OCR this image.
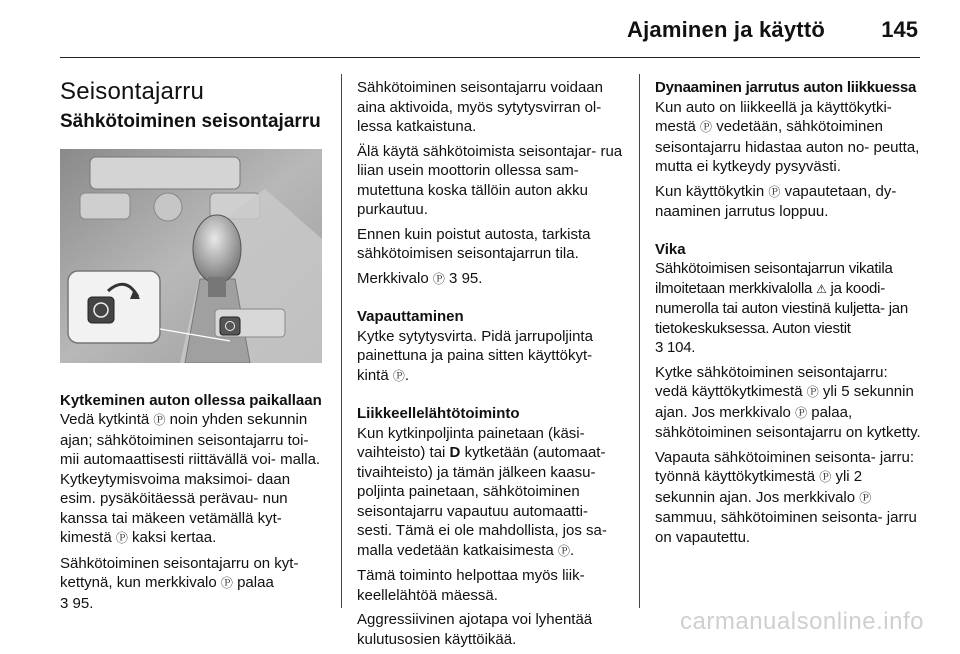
Ajaminen ja käyttö	145
Seisontajarru
Sähkötoiminen seisontajarru
Kytkeminen auton ollessa paikallaan

Vedä kytkintä Ⓟ noin yhden sekunnin ajan; sähkötoiminen seisontajarru toi- mii automaattisesti riittävällä voi- malla. Kytkeytymisvoima maksimoi- daan esim. pysäköitäessä perävau- nun kanssa tai mäkeen vetämällä kyt- kimestä Ⓟ kaksi kertaa.

Sähkötoiminen seisontajarru on kyt- kettynä, kun merkkivalo Ⓟ palaa
3 95.

Sähkötoiminen seisontajarru voidaan aina aktivoida, myös sytytysvirran ol- lessa katkaistuna.

Älä käytä sähkötoimista seisontajar- rua liian usein moottorin ollessa sam- mutettuna koska tällöin auton akku purkautuu.

Ennen kuin poistut autosta, tarkista sähkötoimisen seisontajarrun tila.

Merkkivalo Ⓟ 3 95.

Vapauttaminen

Kytke sytytysvirta. Pidä jarrupoljinta painettuna ja paina sitten käyttökyt- kintä Ⓟ.

Liikkeellelähtötoiminto

Kun kytkinpoljinta painetaan (käsi- vaihteisto) tai D kytketään (automaat- tivaihteisto) ja tämän jälkeen kaasu- poljinta painetaan, sähkötoiminen seisontajarru vapautuu automaatti- sesti. Tämä ei ole mahdollista, jos sa- malla vedetään katkaisimesta Ⓟ.

Tämä toiminto helpottaa myös liik- keellelähtöä mäessä.

Aggressiivinen ajotapa voi lyhentää kulutusosien käyttöikää.

Dynaaminen jarrutus auton liikkuessa

Kun auto on liikkeellä ja käyttökytki- mestä Ⓟ vedetään, sähkötoiminen seisontajarru hidastaa auton no- peutta, mutta ei kytkeydy pysyvästi.

Kun käyttökytkin Ⓟ vapautetaan, dy- naaminen jarrutus loppuu.

Vika

Sähkötoimisen seisontajarrun vikatila ilmoitetaan merkkivalolla ⚠ ja koodi- numerolla tai auton viestinä kuljetta- jan tietokeskuksessa. Auton viestit
3 104.

Kytke sähkötoiminen seisontajarru: vedä käyttökytkimestä Ⓟ yli 5 sekunnin ajan. Jos merkkivalo Ⓟ palaa, sähkötoiminen seisontajarru on kytketty.

Vapauta sähkötoiminen seisonta- jarru: työnnä käyttökytkimestä Ⓟ yli 2 sekunnin ajan. Jos merkkivalo Ⓟ sammuu, sähkötoiminen seisonta- jarru on vapautettu.

carmanualsonline.info
